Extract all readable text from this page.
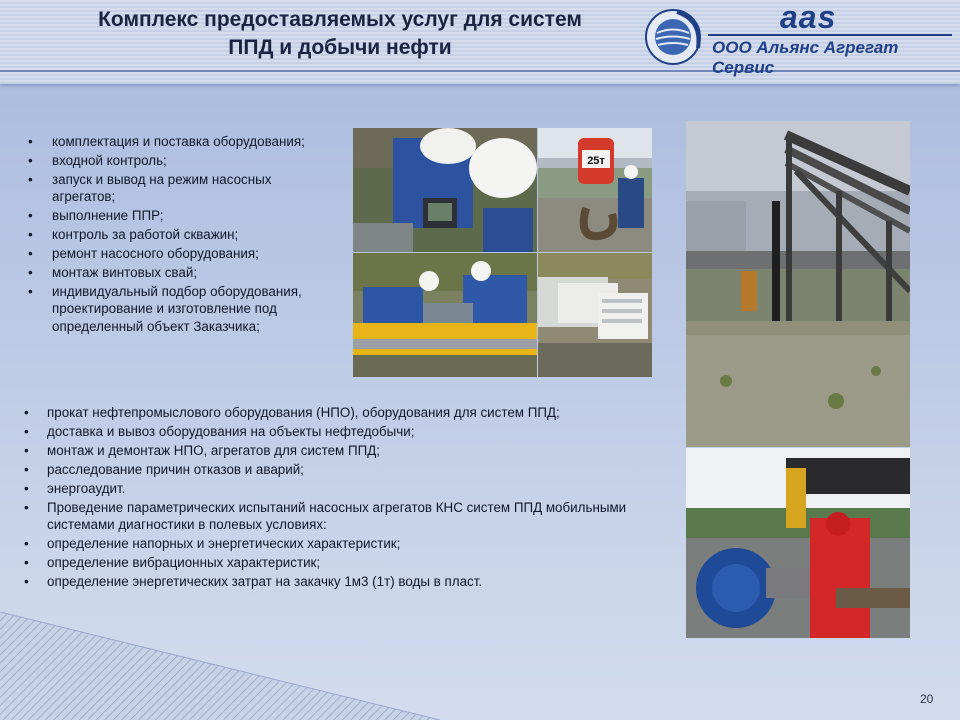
Комплекс предоставляемых услуг для систем
ППД и добычи нефти
aas
ООО Альянс Агрегат Сервис
• комплектация и поставка оборудования;
• входной контроль;
• запуск и вывод на режим насосных агрегатов;
• выполнение ППР;
• контроль за работой скважин;
• ремонт насосного оборудования;
• монтаж винтовых свай;
• индивидуальный подбор оборудования, проектирование и изготовление под определенный объект Заказчика;
• прокат нефтепромыслового оборудования (НПО), оборудования для систем ППД;
• доставка и вывоз оборудования на объекты нефтедобычи;
• монтаж и демонтаж НПО, агрегатов для систем ППД;
• расследование причин отказов и аварий;
• энергоаудит.
• Проведение параметрических испытаний насосных агрегатов КНС систем ППД мобильными системами диагностики в полевых условиях:
• определение напорных и энергетических характеристик;
• определение вибрационных характеристик;
• определение энергетических затрат на закачку 1м3 (1т) воды в пласт.
25т
20
